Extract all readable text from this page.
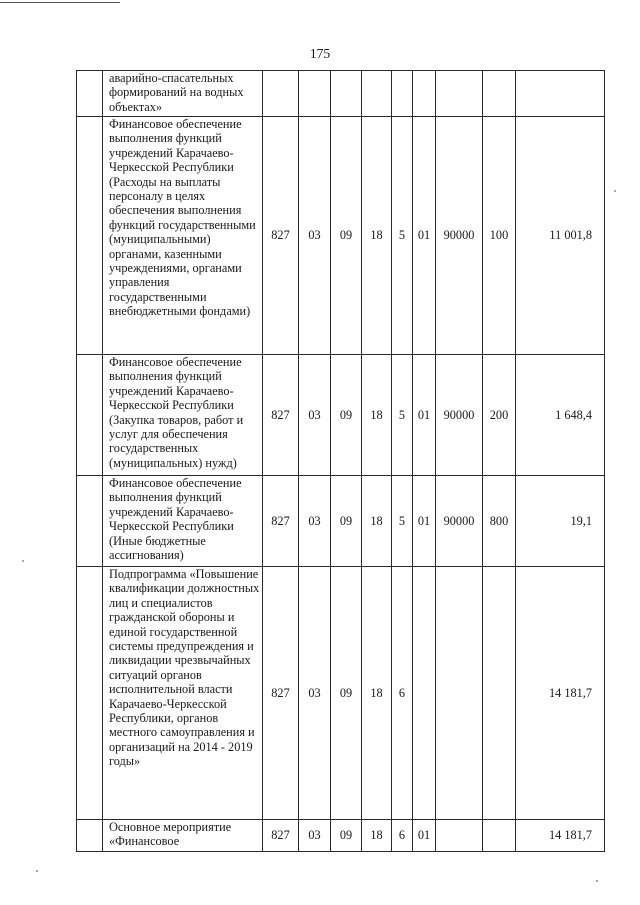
175
	аварийно-спасательных формирований на водных объектах»									
	Финансовое обеспечение выполнения функций учреждений Карачаево-Черкесской Республики (Расходы на выплаты персоналу в целях обеспечения выполнения функций государственными (муниципальными) органами, казенными учреждениями, органами управления государственными внебюджетными фондами)	827	03	09	18	5	01	90000	100	11 001,8
	Финансовое обеспечение выполнения функций учреждений Карачаево-Черкесской Республики (Закупка товаров, работ и услуг для обеспечения государственных (муниципальных) нужд)	827	03	09	18	5	01	90000	200	1 648,4
	Финансовое обеспечение выполнения функций учреждений Карачаево-Черкесской Республики (Иные бюджетные ассигнования)	827	03	09	18	5	01	90000	800	19,1
	Подпрограмма «Повышение квалификации должностных лиц и специалистов гражданской обороны и единой государственной системы предупреждения и ликвидации чрезвычайных ситуаций органов исполнительной власти Карачаево-Черкесской Республики, органов местного самоуправления и организаций на 2014 - 2019 годы»	827	03	09	18	6				14 181,7
	Основное мероприятие «Финансовое	827	03	09	18	6	01			14 181,7
